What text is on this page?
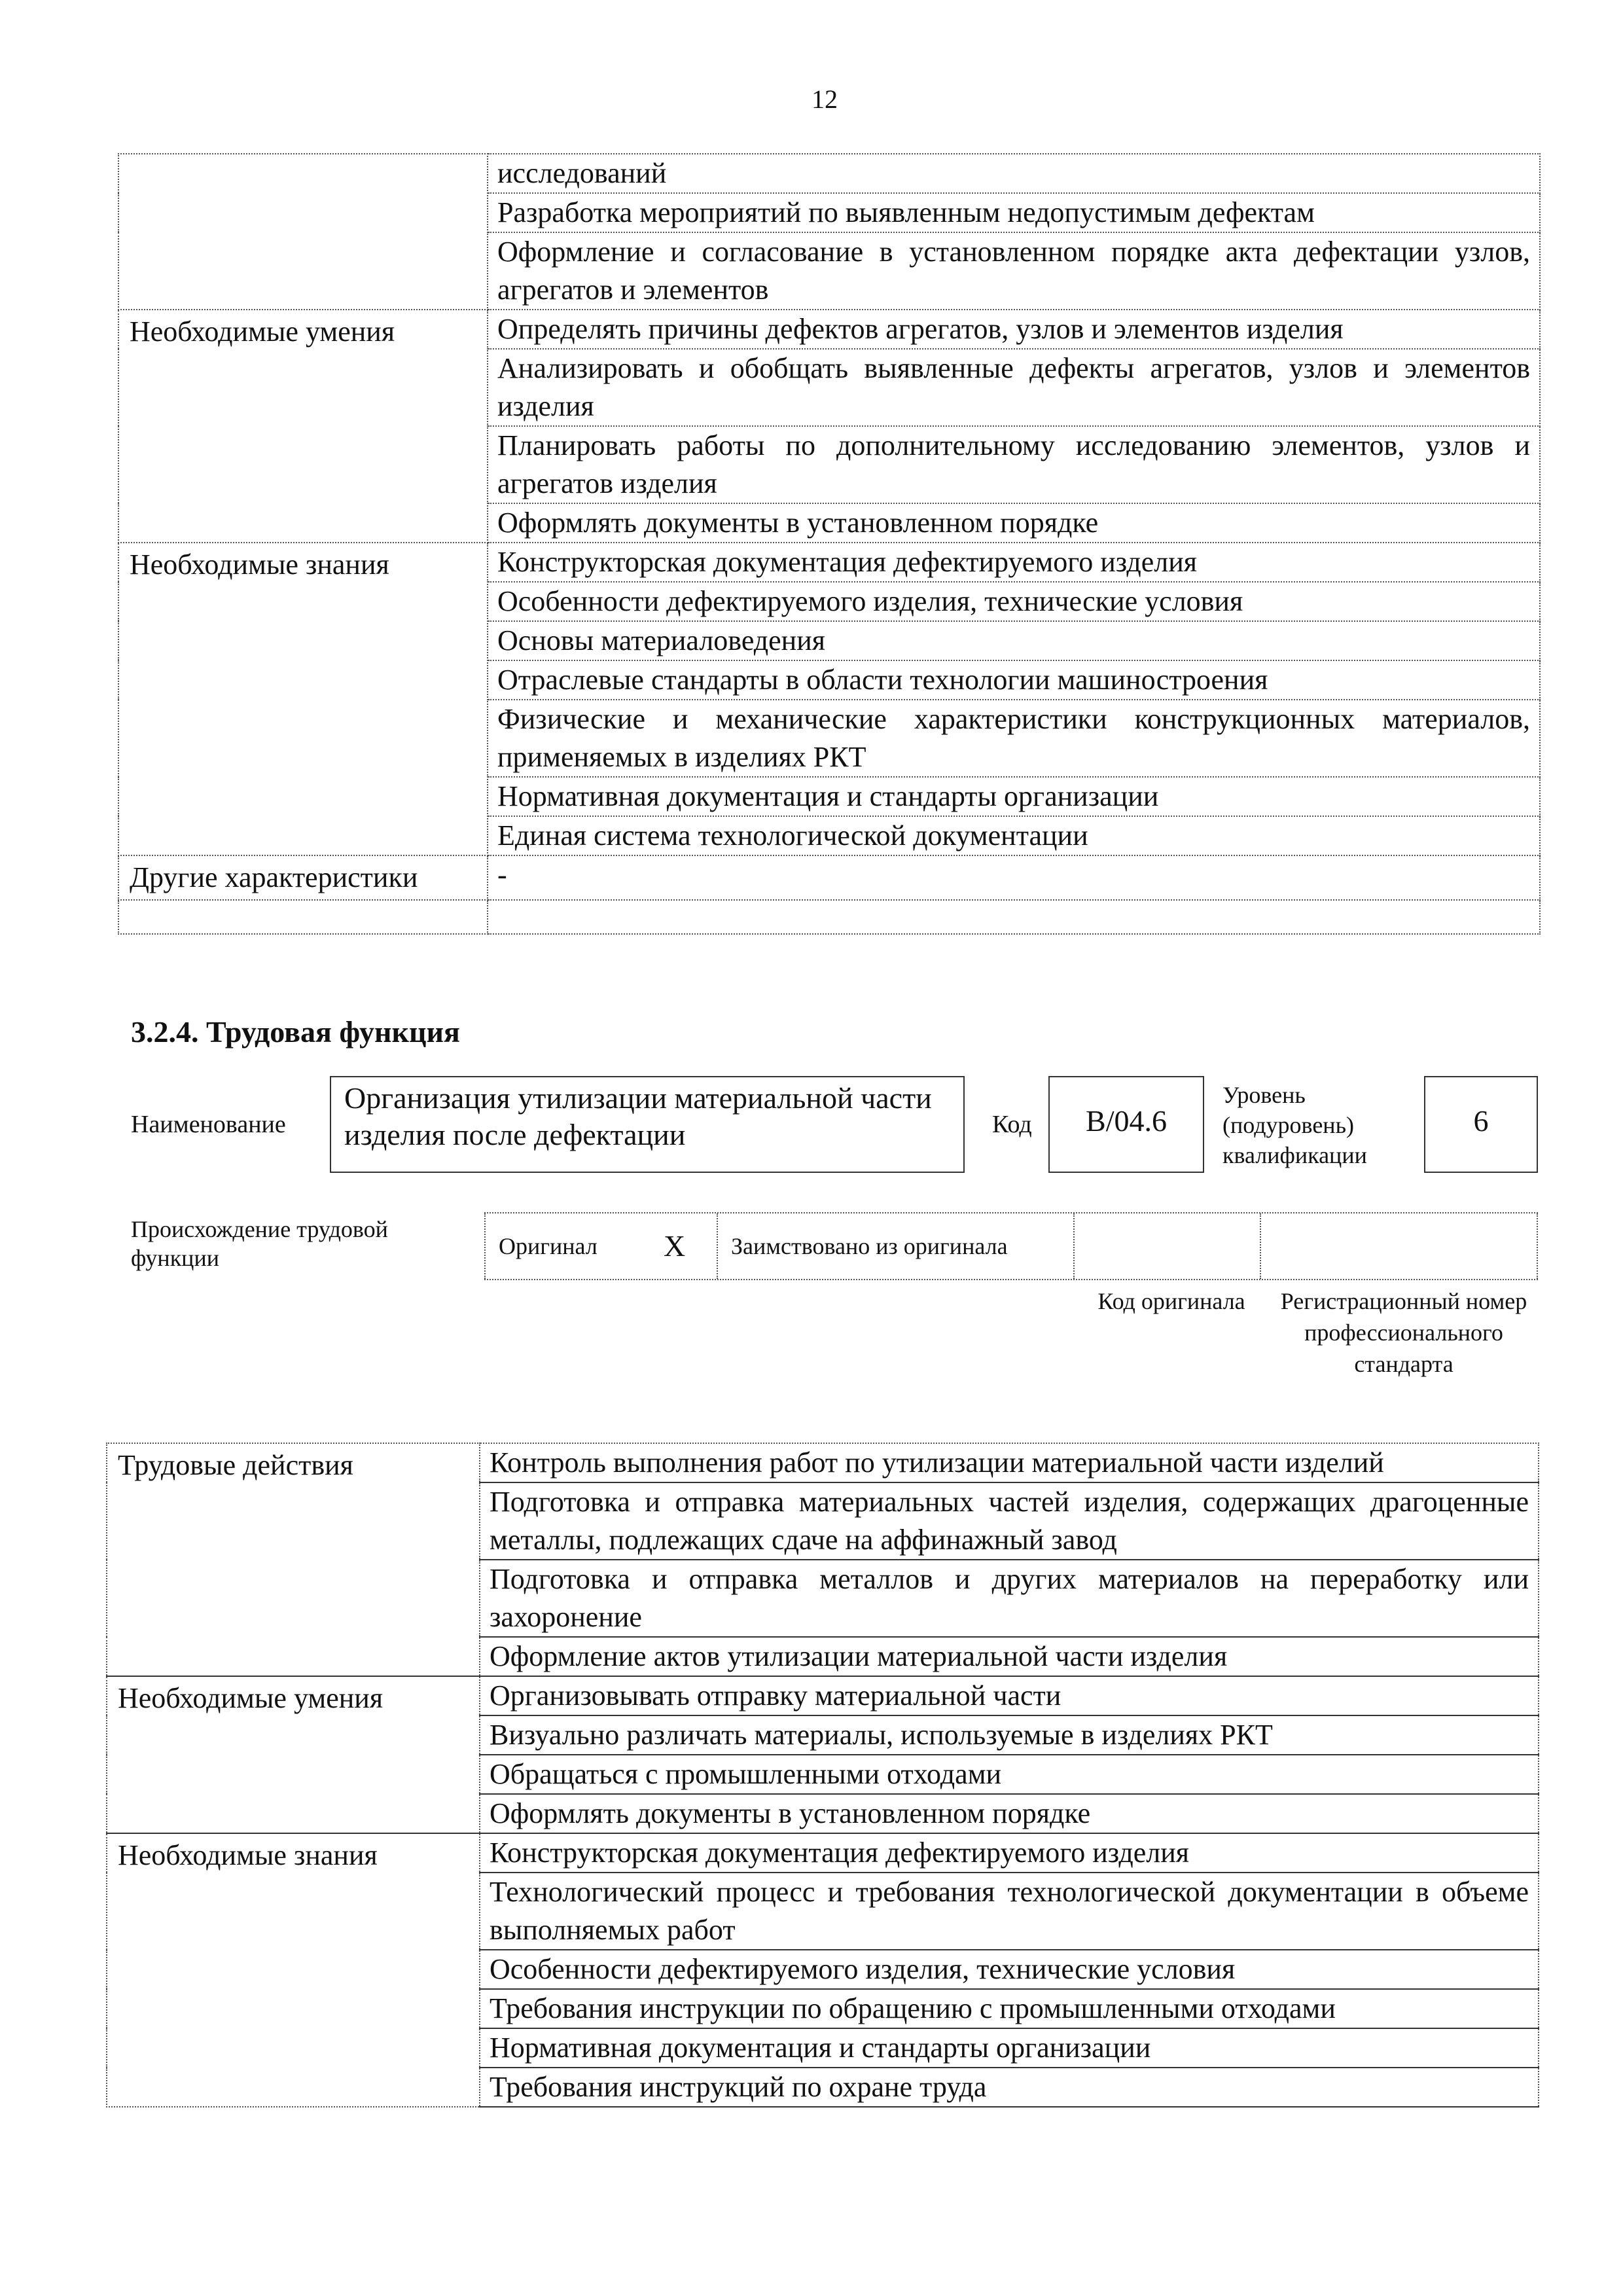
12
	исследований
	Разработка мероприятий по выявленным недопустимым дефектам
	Оформление и согласование в установленном порядке акта дефектации узлов, агрегатов и элементов
Необходимые умения	Определять причины дефектов агрегатов, узлов и элементов изделия
	Анализировать и обобщать выявленные дефекты агрегатов, узлов и элементов изделия
	Планировать работы по дополнительному исследованию элементов, узлов и агрегатов изделия
	Оформлять документы в установленном порядке
Необходимые знания	Конструкторская документация дефектируемого изделия
	Особенности дефектируемого изделия, технические условия
	Основы материаловедения
	Отраслевые стандарты в области технологии машиностроения
	Физические и механические характеристики конструкционных материалов, применяемых в изделиях РКТ
	Нормативная документация и стандарты организации
	Единая система технологической документации
Другие характеристики	-

3.2.4. Трудовая функция
Наименование
Организация утилизации материальной части изделия после дефектации	Код	B/04.6
Уровень (подуровень) квалификации
6
Происхождение трудовой функции	Оригинал X	Заимствовано из оригинала
Код оригинала	Регистрационный номер профессионального стандарта
Трудовые действия	Контроль выполнения работ по утилизации материальной части изделий
	Подготовка и отправка материальных частей изделия, содержащих драгоценные металлы, подлежащих сдаче на аффинажный завод
	Подготовка и отправка металлов и других материалов на переработку или захоронение
	Оформление актов утилизации материальной части изделия
Необходимые умения	Организовывать отправку материальной части
	Визуально различать материалы, используемые в изделиях РКТ
	Обращаться с промышленными отходами
	Оформлять документы в установленном порядке
Необходимые знания	Конструкторская документация дефектируемого изделия
	Технологический процесс и требования технологической документации в объеме выполняемых работ
	Особенности дефектируемого изделия, технические условия
	Требования инструкции по обращению с промышленными отходами
	Нормативная документация и стандарты организации
	Требования инструкций по охране труда
